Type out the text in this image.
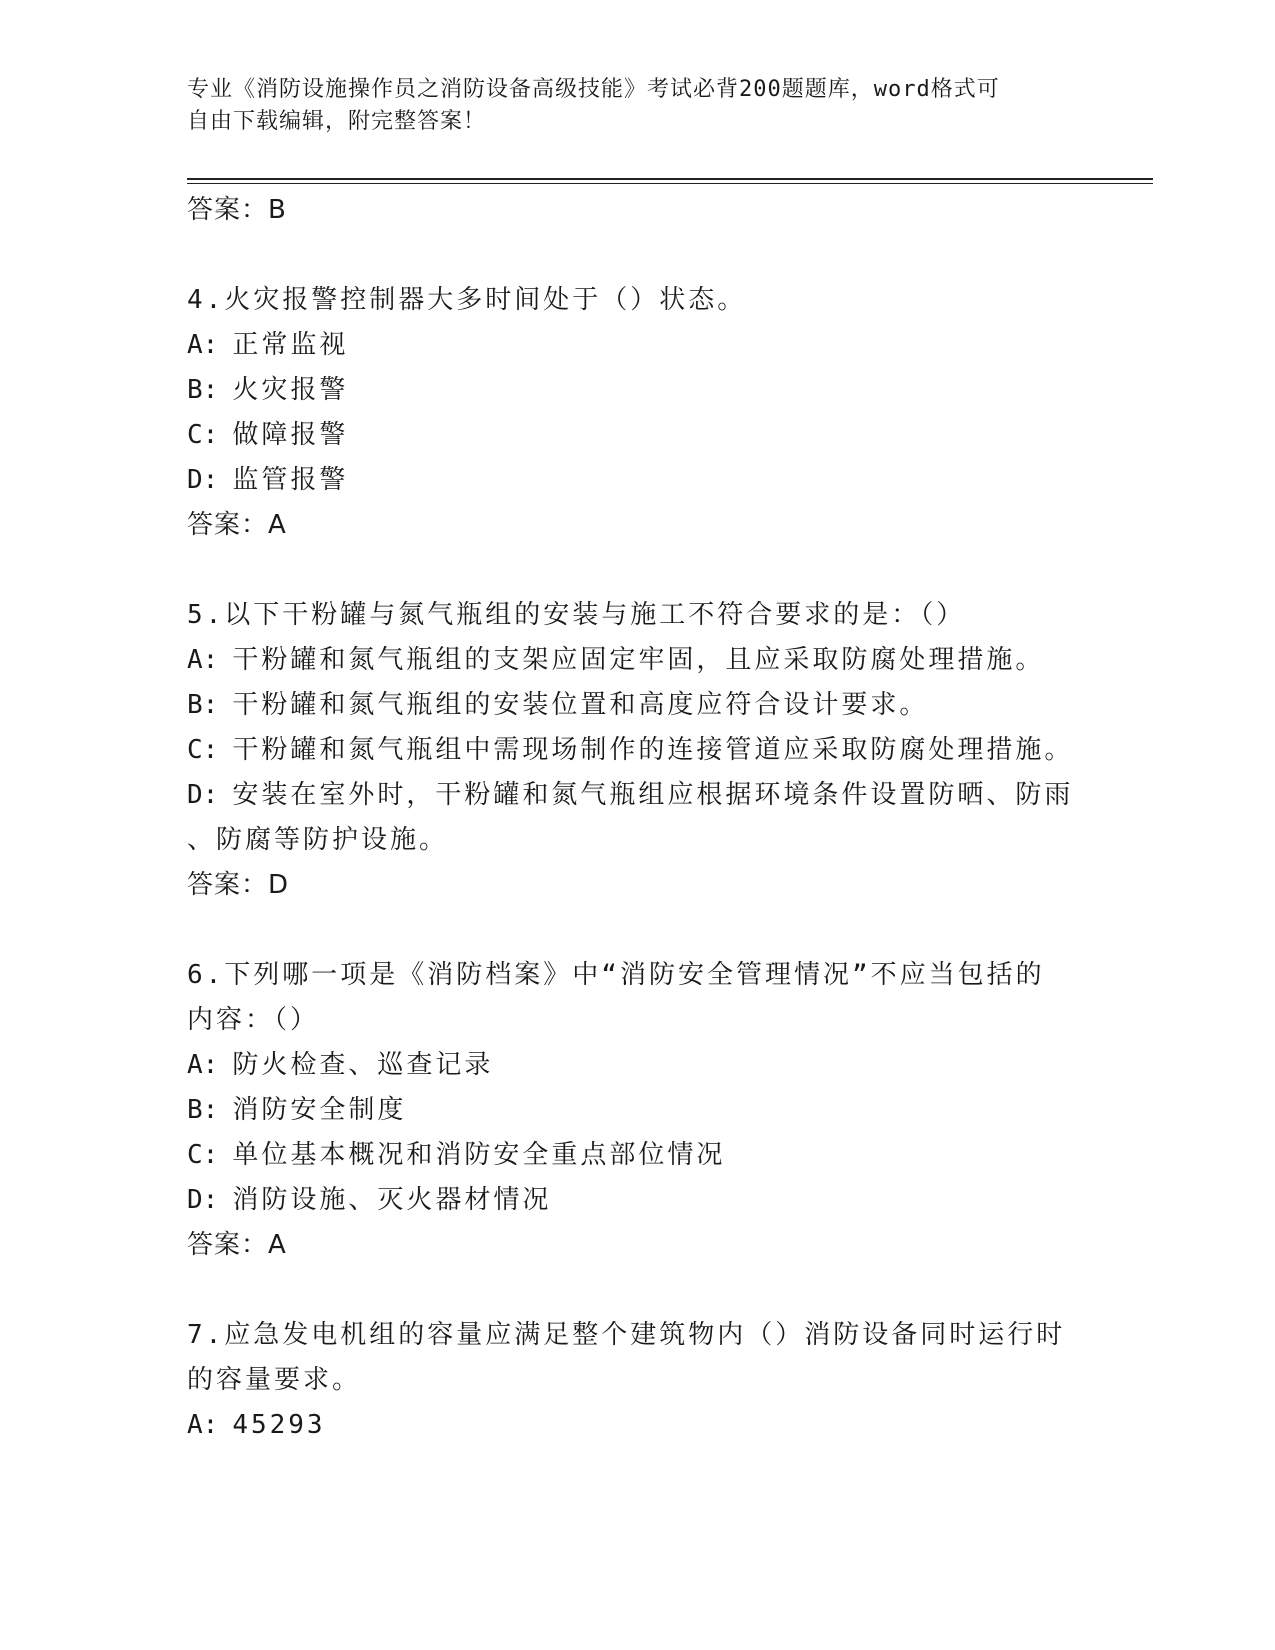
专业《消防设施操作员之消防设备高级技能》考试必背200题题库，word格式可
自由下载编辑，附完整答案！
答案：B
4.火灾报警控制器大多时间处于（）状态。
A: 正常监视
B: 火灾报警
C: 做障报警
D: 监管报警
答案：A
5.以下干粉罐与氮气瓶组的安装与施工不符合要求的是：（）
A: 干粉罐和氮气瓶组的支架应固定牢固，且应采取防腐处理措施。
B: 干粉罐和氮气瓶组的安装位置和高度应符合设计要求。
C: 干粉罐和氮气瓶组中需现场制作的连接管道应采取防腐处理措施。
D: 安装在室外时，干粉罐和氮气瓶组应根据环境条件设置防晒、防雨
、防腐等防护设施。
答案：D
6.下列哪一项是《消防档案》中“消防安全管理情况”不应当包括的
内容：（）
A: 防火检查、巡查记录
B: 消防安全制度
C: 单位基本概况和消防安全重点部位情况
D: 消防设施、灭火器材情况
答案：A
7.应急发电机组的容量应满足整个建筑物内（）消防设备同时运行时
的容量要求。
A: 45293
